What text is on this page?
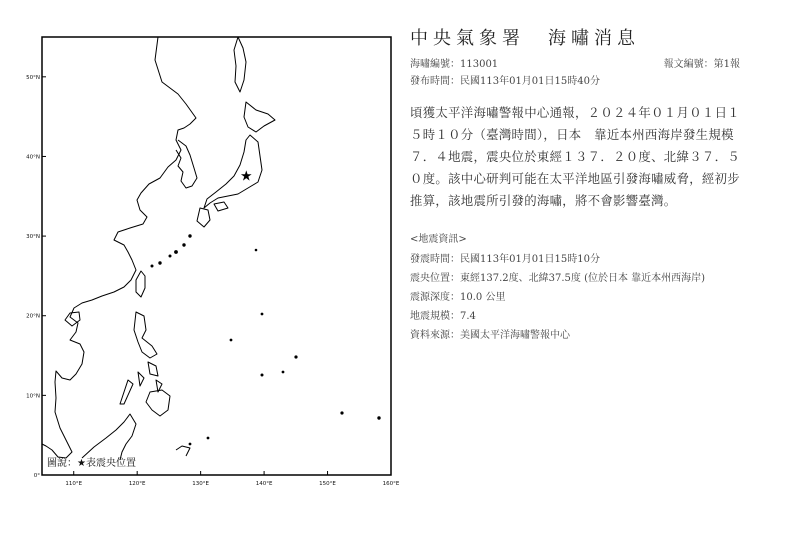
110°E	120°E	130°E	140°E	150°E	160°E
50°N
40°N
30°N
20°N
10°N
0°
★
圖說：★表震央位置
中央氣象署　海嘯消息
海嘯編號：113001	報文編號：第1報
發布時間：民國113年01月01日15時40分
頃獲太平洋海嘯警報中心通報，２０２４年０１月０１日１５時１０分（臺灣時間），日本　靠近本州西海岸發生規模７．４地震，震央位於東經１３７．２０度、北緯３７．５０度。該中心研判可能在太平洋地區引發海嘯威脅，經初步推算，該地震所引發的海嘯，將不會影響臺灣。
<地震資訊>
發震時間：民國113年01月01日15時10分
震央位置：東經137.2度、北緯37.5度 (位於日本 靠近本州西海岸)
震源深度：10.0 公里
地震規模：7.4
資料來源：美國太平洋海嘯警報中心
